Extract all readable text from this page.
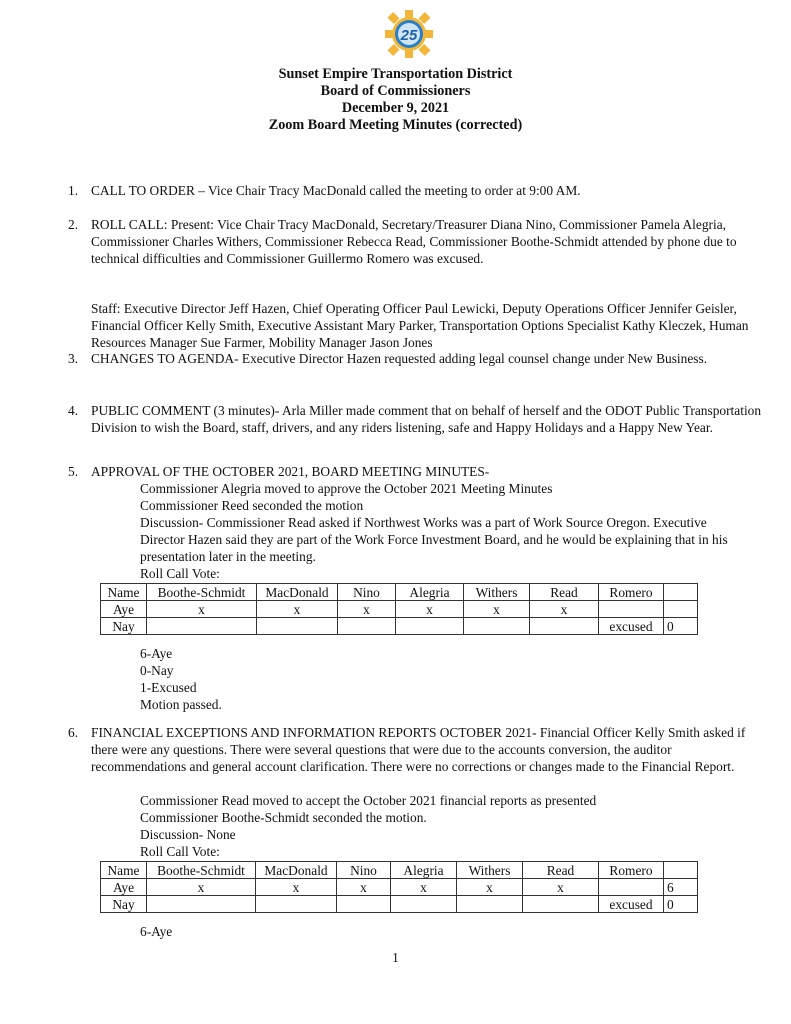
25
Sunset Empire Transportation District
Board of Commissioners
December 9, 2021
Zoom Board Meeting Minutes (corrected)
1. CALL TO ORDER – Vice Chair Tracy MacDonald called the meeting to order at 9:00 AM.
2. ROLL CALL: Present: Vice Chair Tracy MacDonald, Secretary/Treasurer Diana Nino, Commissioner Pamela Alegria, Commissioner Charles Withers, Commissioner Rebecca Read, Commissioner Boothe-Schmidt attended by phone due to technical difficulties and Commissioner Guillermo Romero was excused.
Staff: Executive Director Jeff Hazen, Chief Operating Officer Paul Lewicki, Deputy Operations Officer Jennifer Geisler, Financial Officer Kelly Smith, Executive Assistant Mary Parker, Transportation Options Specialist Kathy Kleczek, Human Resources Manager Sue Farmer, Mobility Manager Jason Jones
3. CHANGES TO AGENDA- Executive Director Hazen requested adding legal counsel change under New Business.
4. PUBLIC COMMENT (3 minutes)- Arla Miller made comment that on behalf of herself and the ODOT Public Transportation Division to wish the Board, staff, drivers, and any riders listening, safe and Happy Holidays and a Happy New Year.
5. APPROVAL OF THE OCTOBER 2021, BOARD MEETING MINUTES-
Commissioner Alegria moved to approve the October 2021 Meeting Minutes
Commissioner Reed seconded the motion
Discussion- Commissioner Read asked if Northwest Works was a part of Work Source Oregon. Executive Director Hazen said they are part of the Work Force Investment Board, and he would be explaining that in his presentation later in the meeting.
Roll Call Vote:
Name	Boothe-Schmidt	MacDonald	Nino	Alegria	Withers	Read	Romero	
Aye	x	x	x	x	x	x		
Nay							excused	0
6-Aye
0-Nay
1-Excused
Motion passed.
6. FINANCIAL EXCEPTIONS AND INFORMATION REPORTS OCTOBER 2021- Financial Officer Kelly Smith asked if there were any questions. There were several questions that were due to the accounts conversion, the auditor recommendations and general account clarification. There were no corrections or changes made to the Financial Report.
Commissioner Read moved to accept the October 2021 financial reports as presented
Commissioner Boothe-Schmidt seconded the motion.
Discussion- None
Roll Call Vote:
Name	Boothe-Schmidt	MacDonald	Nino	Alegria	Withers	Read	Romero	
Aye	x	x	x	x	x	x		6
Nay							excused	0
6-Aye
1
